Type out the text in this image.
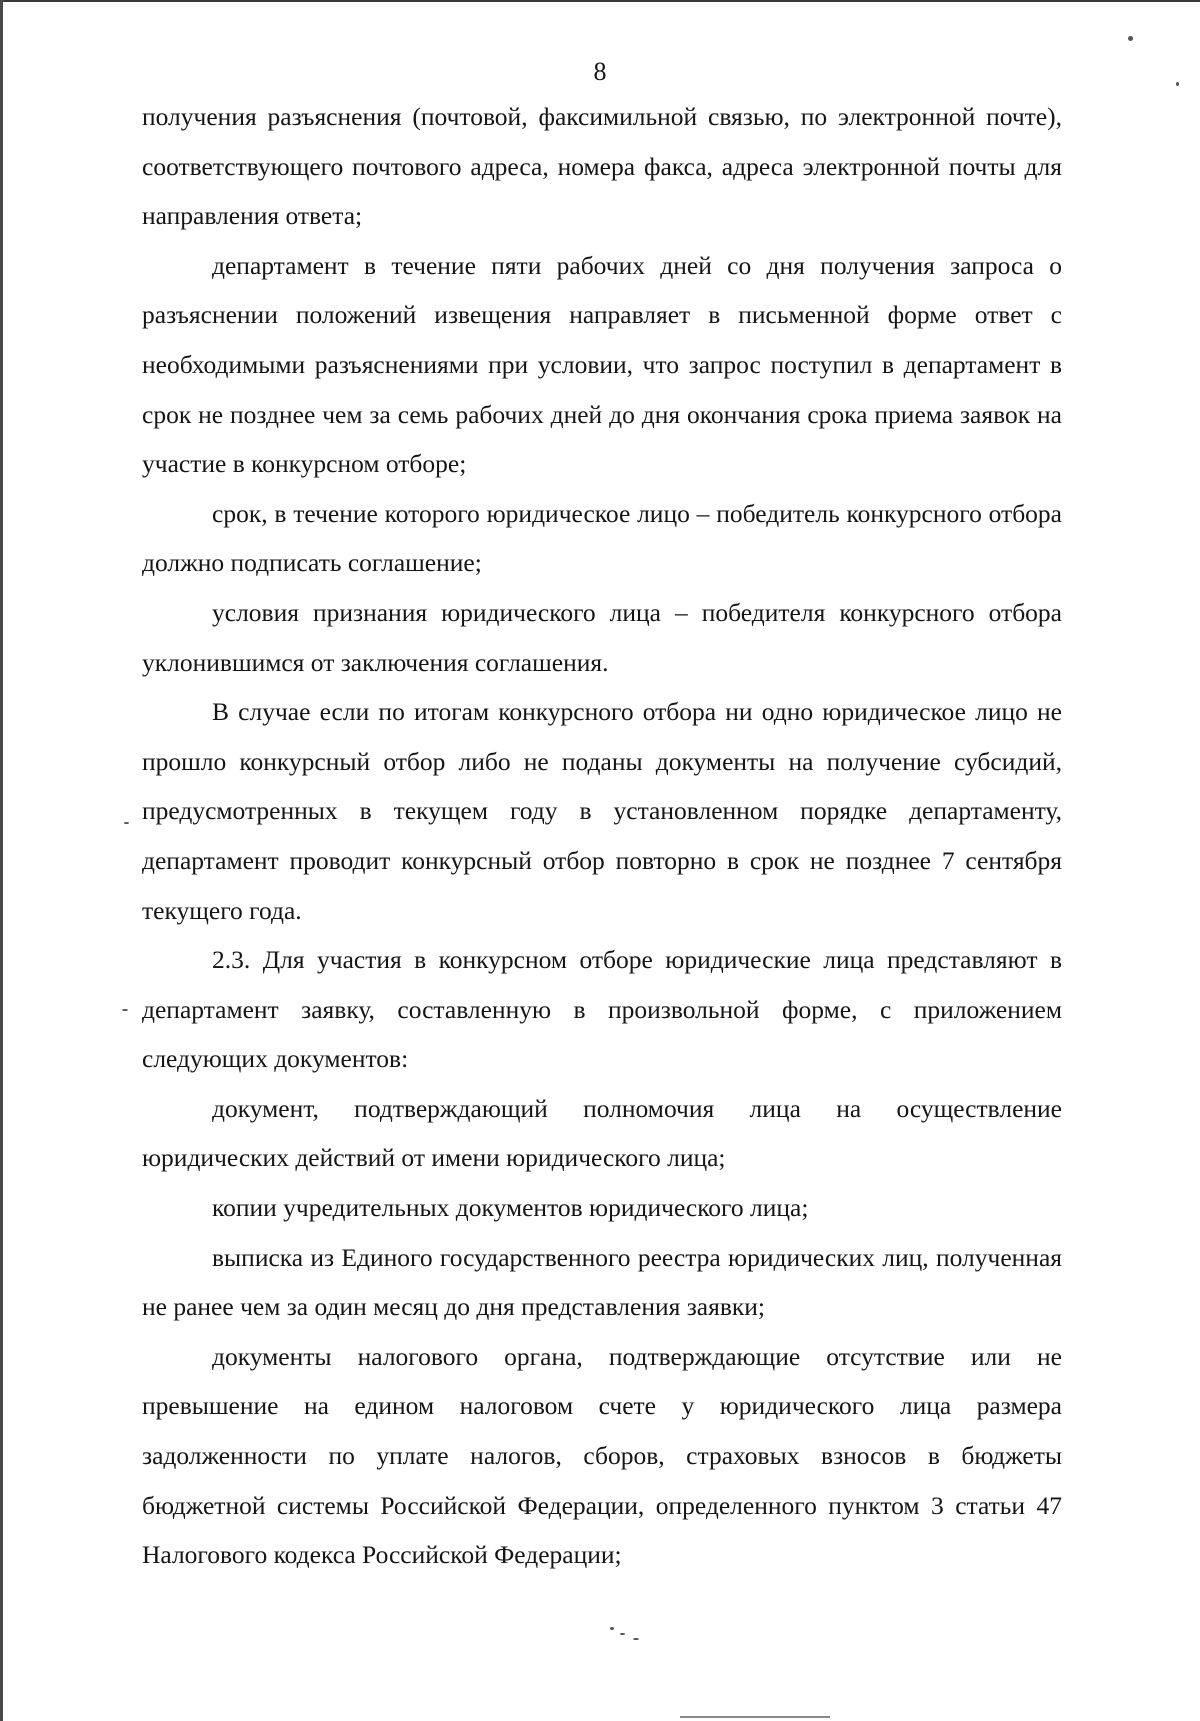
8

получения разъяснения (почтовой, факсимильной связью, по электронной почте), соответствующего почтового адреса, номера факса, адреса электронной почты для направления ответа;

департамент в течение пяти рабочих дней со дня получения запроса о разъяснении положений извещения направляет в письменной форме ответ с необходимыми разъяснениями при условии, что запрос поступил в департамент в срок не позднее чем за семь рабочих дней до дня окончания срока приема заявок на участие в конкурсном отборе;

срок, в течение которого юридическое лицо – победитель конкурсного отбора должно подписать соглашение;

условия признания юридического лица – победителя конкурсного отбора уклонившимся от заключения соглашения.

В случае если по итогам конкурсного отбора ни одно юридическое лицо не прошло конкурсный отбор либо не поданы документы на получение субсидий, предусмотренных в текущем году в установленном порядке департаменту, департамент проводит конкурсный отбор повторно в срок не позднее 7 сентября текущего года.

2.3. Для участия в конкурсном отборе юридические лица представляют в департамент заявку, составленную в произвольной форме, с приложением следующих документов:

документ, подтверждающий полномочия лица на осуществление юридических действий от имени юридического лица;

копии учредительных документов юридического лица;

выписка из Единого государственного реестра юридических лиц, полученная не ранее чем за один месяц до дня представления заявки;

документы налогового органа, подтверждающие отсутствие или не превышение на едином налоговом счете у юридического лица размера задолженности по уплате налогов, сборов, страховых взносов в бюджеты бюджетной системы Российской Федерации, определенного пунктом 3 статьи 47 Налогового кодекса Российской Федерации;
